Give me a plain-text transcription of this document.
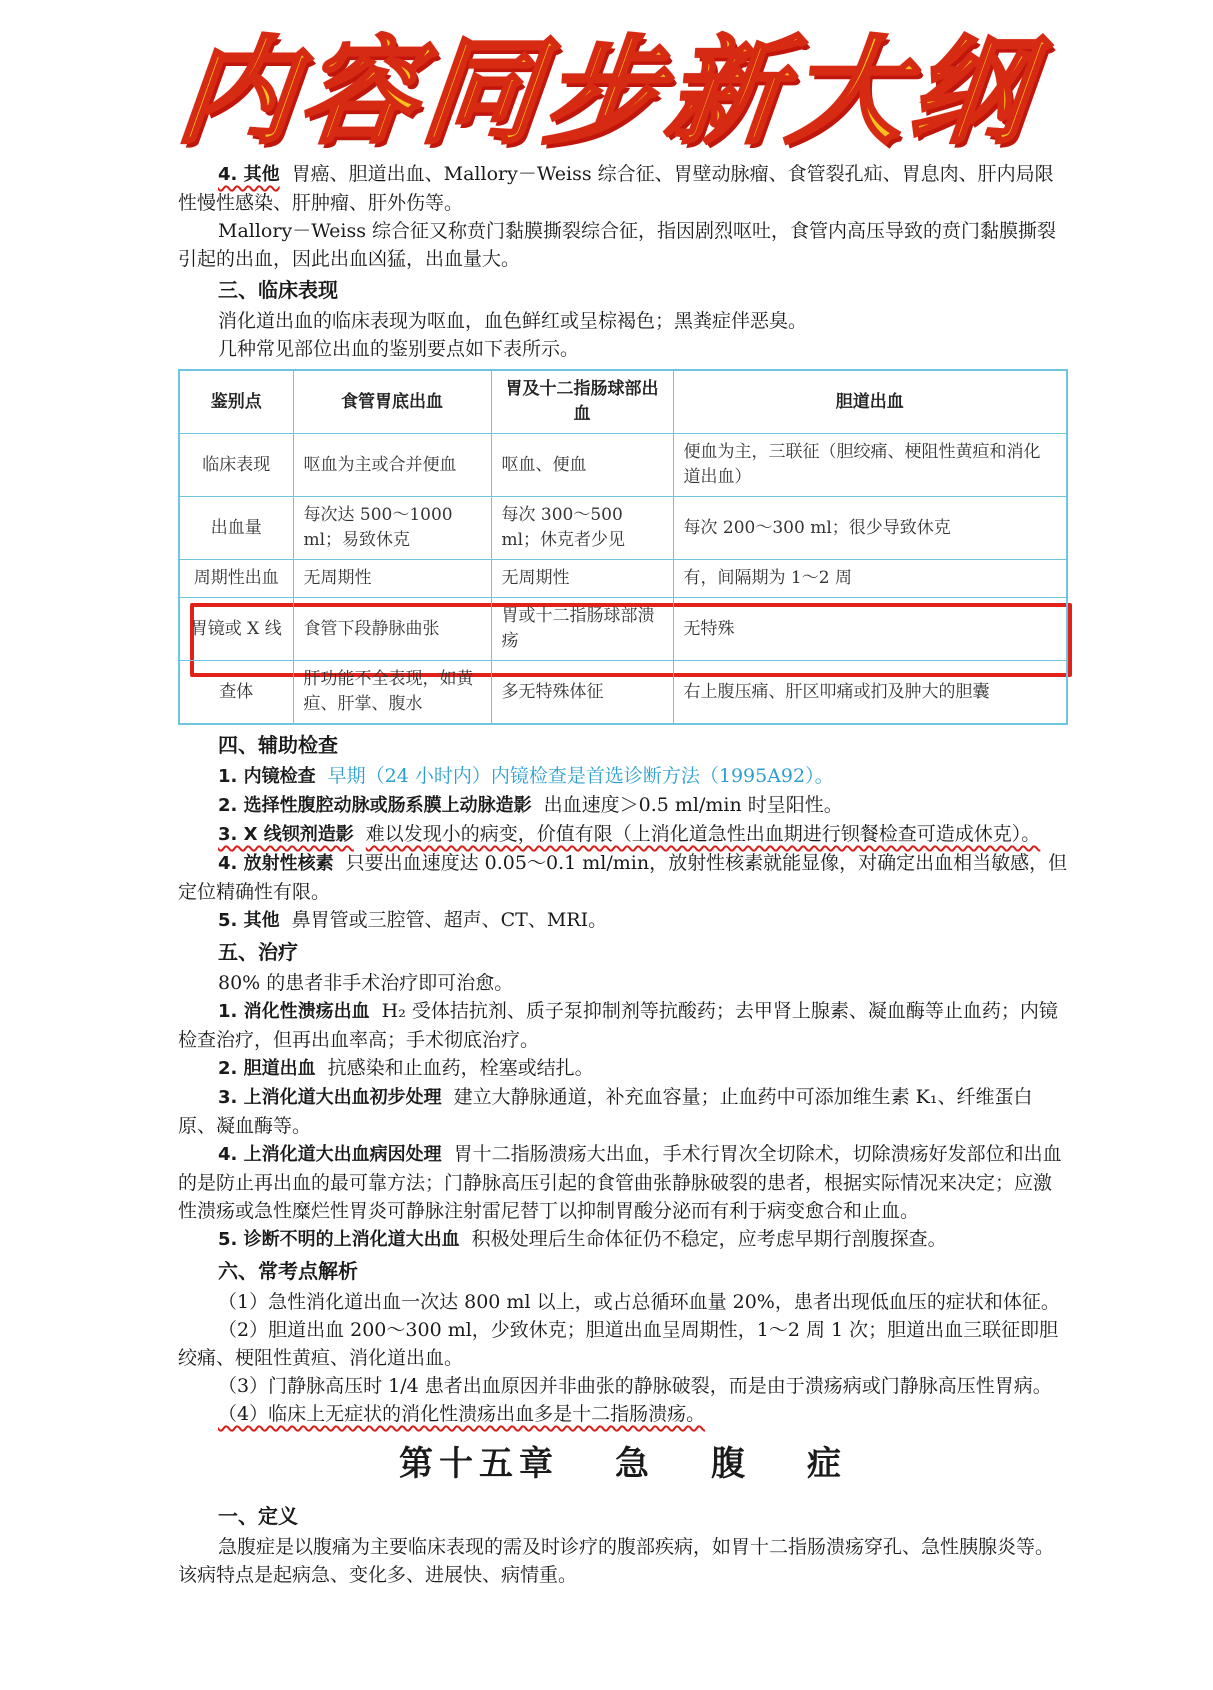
内容同步新大纲

4. 其他 胃癌、胆道出血、Mallory－Weiss 综合征、胃壁动脉瘤、食管裂孔疝、胃息肉、肝内局限性慢性感染、肝肿瘤、肝外伤等。

Mallory－Weiss 综合征又称贲门黏膜撕裂综合征，指因剧烈呕吐，食管内高压导致的贲门黏膜撕裂引起的出血，因此出血凶猛，出血量大。

三、临床表现

消化道出血的临床表现为呕血，血色鲜红或呈棕褐色；黑粪症伴恶臭。

几种常见部位出血的鉴别要点如下表所示。

鉴别点	食管胃底出血	胃及十二指肠球部出血	胆道出血
临床表现	呕血为主或合并便血	呕血、便血	便血为主，三联征（胆绞痛、梗阻性黄疸和消化道出血）
出血量	每次达 500～1000 ml；易致休克	每次 300～500 ml；休克者少见	每次 200～300 ml；很少导致休克
周期性出血	无周期性	无周期性	有，间隔期为 1～2 周
胃镜或 X 线	食管下段静脉曲张	胃或十二指肠球部溃疡	无特殊
查体	肝功能不全表现，如黄疸、肝掌、腹水	多无特殊体征	右上腹压痛、肝区叩痛或扪及肿大的胆囊

四、辅助检查

1. 内镜检查 早期（24 小时内）内镜检查是首选诊断方法（1995A92）。

2. 选择性腹腔动脉或肠系膜上动脉造影 出血速度＞0.5 ml/min 时呈阳性。

3. X 线钡剂造影 难以发现小的病变，价值有限（上消化道急性出血期进行钡餐检查可造成休克）。

4. 放射性核素 只要出血速度达 0.05～0.1 ml/min，放射性核素就能显像，对确定出血相当敏感，但定位精确性有限。

5. 其他 鼻胃管或三腔管、超声、CT、MRI。

五、治疗

80% 的患者非手术治疗即可治愈。

1. 消化性溃疡出血 H₂ 受体拮抗剂、质子泵抑制剂等抗酸药；去甲肾上腺素、凝血酶等止血药；内镜检查治疗，但再出血率高；手术彻底治疗。

2. 胆道出血 抗感染和止血药，栓塞或结扎。

3. 上消化道大出血初步处理 建立大静脉通道，补充血容量；止血药中可添加维生素 K₁、纤维蛋白原、凝血酶等。

4. 上消化道大出血病因处理 胃十二指肠溃疡大出血，手术行胃次全切除术，切除溃疡好发部位和出血的是防止再出血的最可靠方法；门静脉高压引起的食管曲张静脉破裂的患者，根据实际情况来决定；应激性溃疡或急性糜烂性胃炎可静脉注射雷尼替丁以抑制胃酸分泌而有利于病变愈合和止血。

5. 诊断不明的上消化道大出血 积极处理后生命体征仍不稳定，应考虑早期行剖腹探查。

六、常考点解析

（1）急性消化道出血一次达 800 ml 以上，或占总循环血量 20%，患者出现低血压的症状和体征。

（2）胆道出血 200～300 ml，少致休克；胆道出血呈周期性，1～2 周 1 次；胆道出血三联征即胆绞痛、梗阻性黄疸、消化道出血。

（3）门静脉高压时 1/4 患者出血原因并非曲张的静脉破裂，而是由于溃疡病或门静脉高压性胃病。

（4）临床上无症状的消化性溃疡出血多是十二指肠溃疡。

第十五章 急 腹 症

一、定义

急腹症是以腹痛为主要临床表现的需及时诊疗的腹部疾病，如胃十二指肠溃疡穿孔、急性胰腺炎等。该病特点是起病急、变化多、进展快、病情重。
